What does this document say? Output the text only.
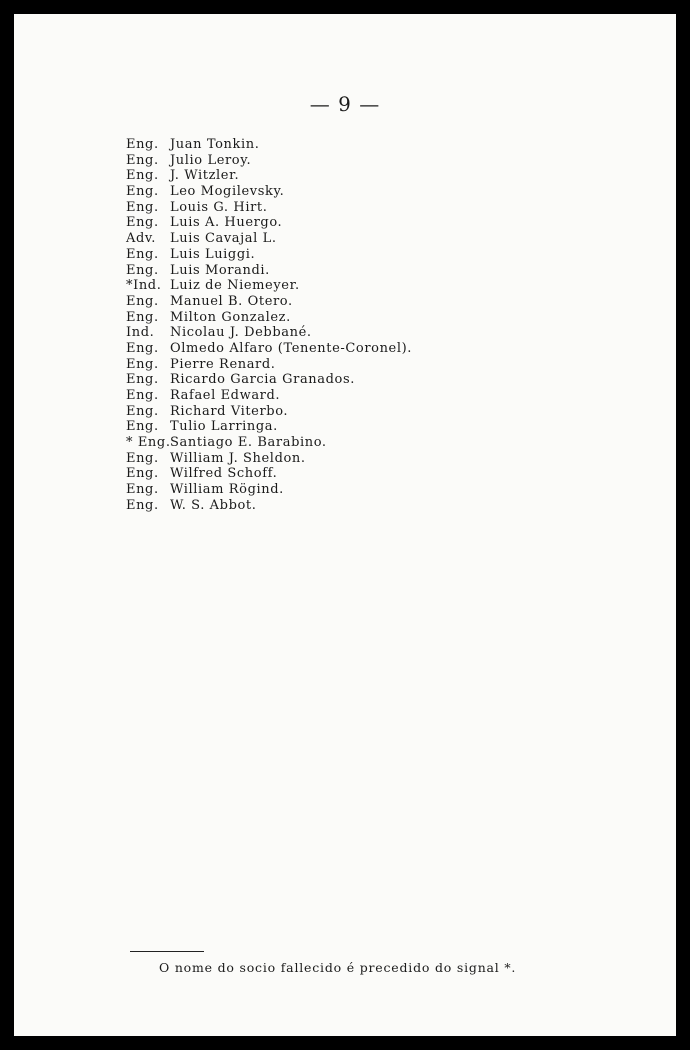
— 9 —
Eng. Juan Tonkin.
Eng. Julio Leroy.
Eng. J. Witzler.
Eng. Leo Mogilevsky.
Eng. Louis G. Hirt.
Eng. Luis A. Huergo.
Adv. Luis Cavajal L.
Eng. Luis Luiggi.
Eng. Luis Morandi.
*Ind. Luiz de Niemeyer.
Eng. Manuel B. Otero.
Eng. Milton Gonzalez.
Ind. Nicolau J. Debbané.
Eng. Olmedo Alfaro (Tenente-Coronel).
Eng. Pierre Renard.
Eng. Ricardo Garcia Granados.
Eng. Rafael Edward.
Eng. Richard Viterbo.
Eng. Tulio Larringa.
* Eng.Santiago E. Barabino.
Eng. William J. Sheldon.
Eng. Wilfred Schoff.
Eng. William Rögind.
Eng. W. S. Abbot.
O nome do socio fallecido é precedido do signal *.
